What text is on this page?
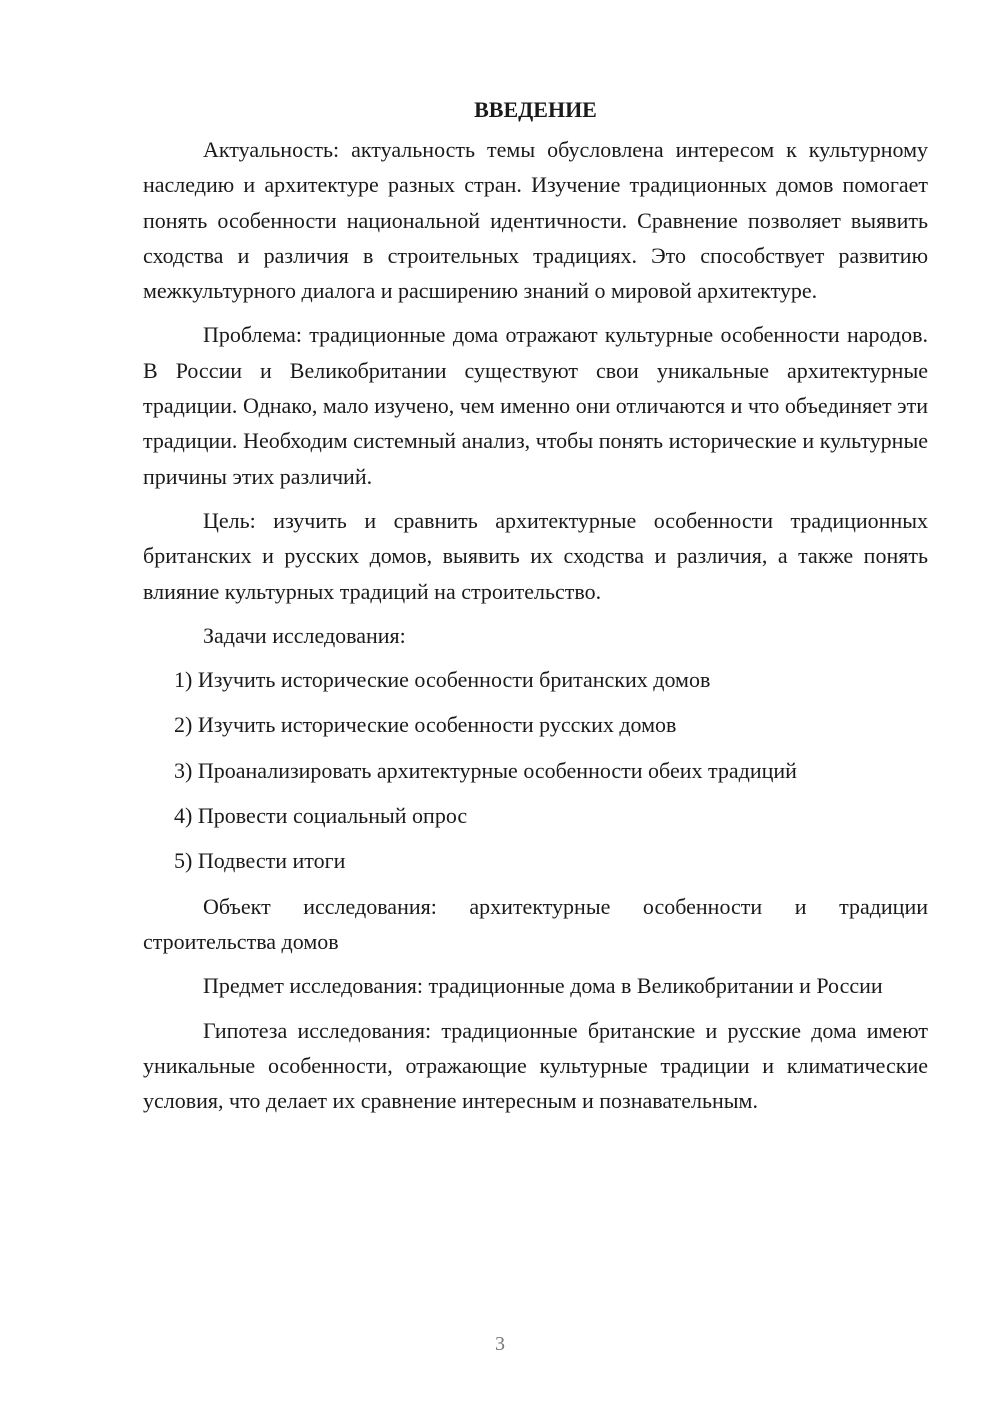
ВВЕДЕНИЕ

Актуальность: актуальность темы обусловлена интересом к культурному наследию и архитектуре разных стран. Изучение традиционных домов помогает понять особенности национальной идентичности. Сравнение позволяет выявить сходства и различия в строительных традициях. Это способствует развитию межкультурного диалога и расширению знаний о мировой архитектуре.

Проблема: традиционные дома отражают культурные особенности народов. В России и Великобритании существуют свои уникальные архитектурные традиции. Однако, мало изучено, чем именно они отличаются и что объединяет эти традиции. Необходим системный анализ, чтобы понять исторические и культурные причины этих различий.

Цель: изучить и сравнить архитектурные особенности традиционных британских и русских домов, выявить их сходства и различия, а также понять влияние культурных традиций на строительство.

Задачи исследования:

1) Изучить исторические особенности британских домов
2) Изучить исторические особенности русских домов
3) Проанализировать архитектурные особенности обеих традиций
4) Провести социальный опрос
5) Подвести итоги

Объект исследования: архитектурные особенности и традиции строительства домов

Предмет исследования: традиционные дома в Великобритании и России

Гипотеза исследования: традиционные британские и русские дома имеют уникальные особенности, отражающие культурные традиции и климатические условия, что делает их сравнение интересным и познавательным.

3
